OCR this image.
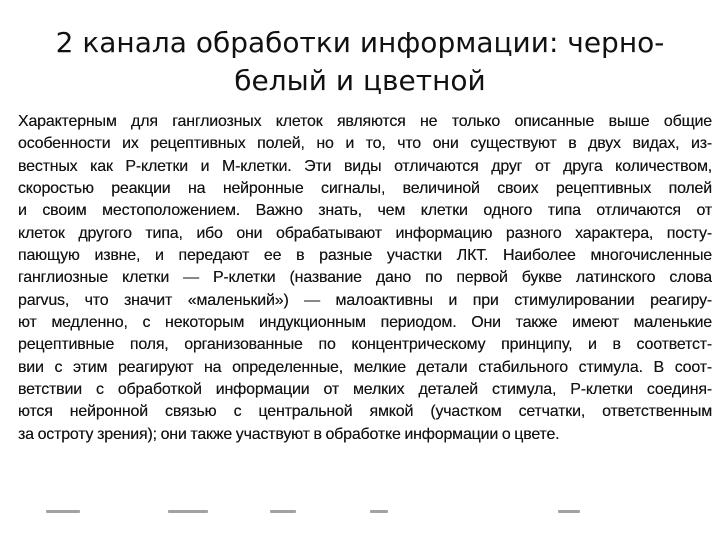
2 канала обработки информации: черно-
белый и цветной
Характерным для ганглиозных клеток являются не только описанные выше общие
особенности их рецептивных полей, но и то, что они существуют в двух видах, из-
вестных как P-клетки и M-клетки. Эти виды отличаются друг от друга количеством,
скоростью реакции на нейронные сигналы, величиной своих рецептивных полей
и своим местоположением. Важно знать, чем клетки одного типа отличаются от
клеток другого типа, ибо они обрабатывают информацию разного характера, посту-
пающую извне, и передают ее в разные участки ЛКТ. Наиболее многочисленные
ганглиозные клетки — P-клетки (название дано по первой букве латинского слова
parvus, что значит «маленький») — малоактивны и при стимулировании реагиру-
ют медленно, с некоторым индукционным периодом. Они также имеют маленькие
рецептивные поля, организованные по концентрическому принципу, и в соответст-
вии с этим реагируют на определенные, мелкие детали стабильного стимула. В соот-
ветствии с обработкой информации от мелких деталей стимула, P-клетки соединя-
ются нейронной связью с центральной ямкой (участком сетчатки, ответственным
за остроту зрения); они также участвуют в обработке информации о цвете.
